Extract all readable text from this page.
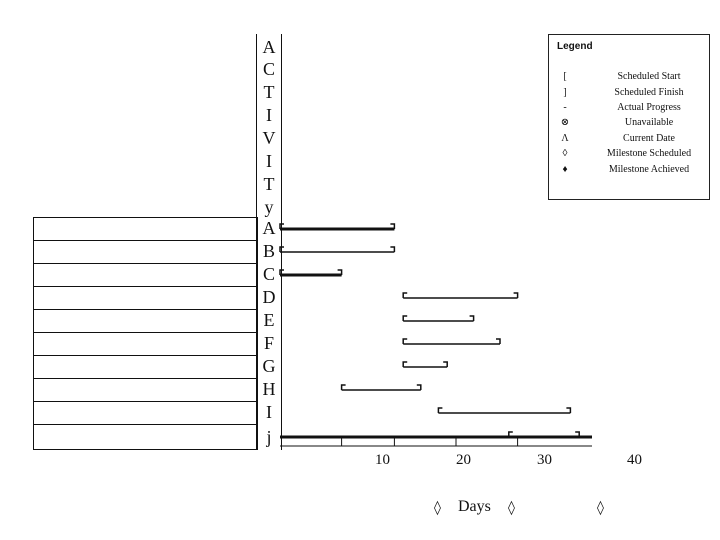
A
C
T
I
V
I
T
y
A
B
C
D
E
F
G
H
I
j
10	20	30	40
◊ Days ◊	◊
Legend
[	Scheduled Start
]	Scheduled Finish
-	Actual Progress
⊗	Unavailable
Λ	Current Date
◊	Milestone Scheduled
♦	Milestone Achieved
